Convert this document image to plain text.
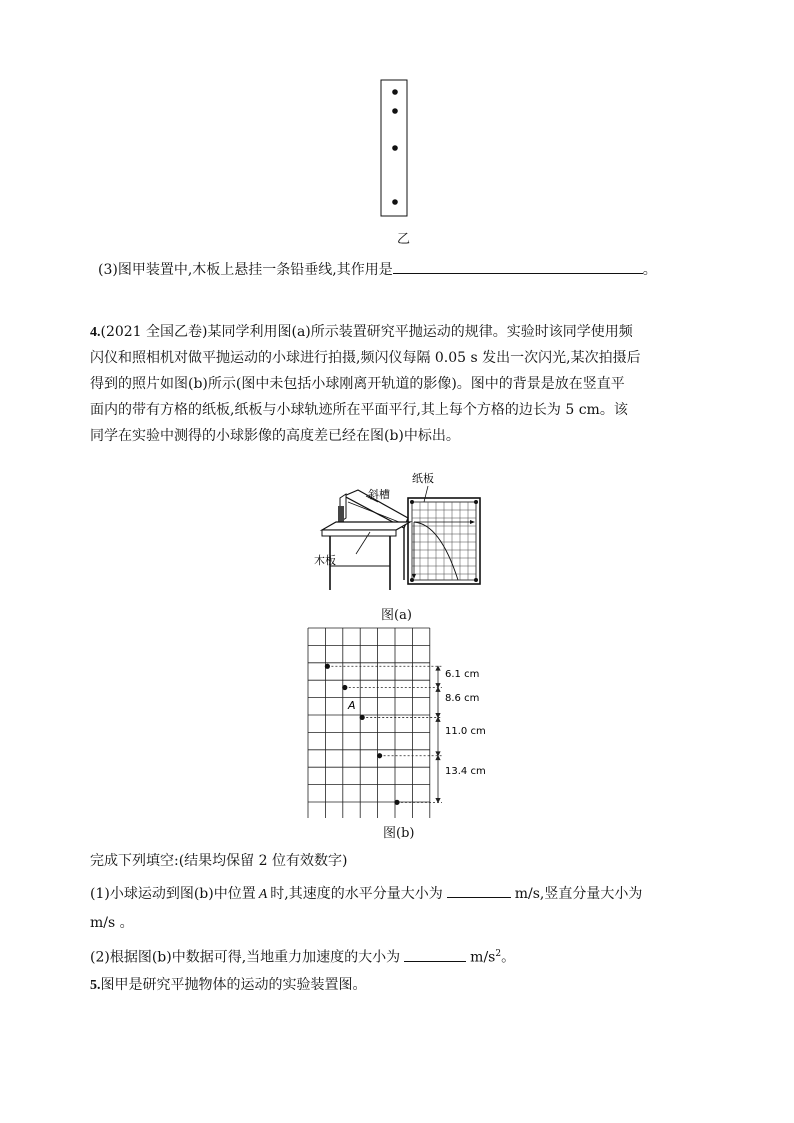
乙
(3)图甲装置中,木板上悬挂一条铅垂线,其作用是	。
4.(2021 全国乙卷)某同学利用图(a)所示装置研究平抛运动的规律。实验时该同学使用频
闪仪和照相机对做平抛运动的小球进行拍摄,频闪仪每隔 0.05 s 发出一次闪光,某次拍摄后
得到的照片如图(b)所示(图中未包括小球刚离开轨道的影像)。图中的背景是放在竖直平
面内的带有方格的纸板,纸板与小球轨迹所在平面平行,其上每个方格的边长为 5 cm。该
同学在实验中测得的小球影像的高度差已经在图(b)中标出。
纸板
斜槽
木板
图(a)
A
6.1 cm
8.6 cm
11.0 cm
13.4 cm
图(b)
完成下列填空:(结果均保留 2 位有效数字)
(1)小球运动到图(b)中位置 A 时,其速度的水平分量大小为	m/s,竖直分量大小为
m/s 。
(2)根据图(b)中数据可得,当地重力加速度的大小为	$m/s^2$。
5.图甲是研究平抛物体的运动的实验装置图。
